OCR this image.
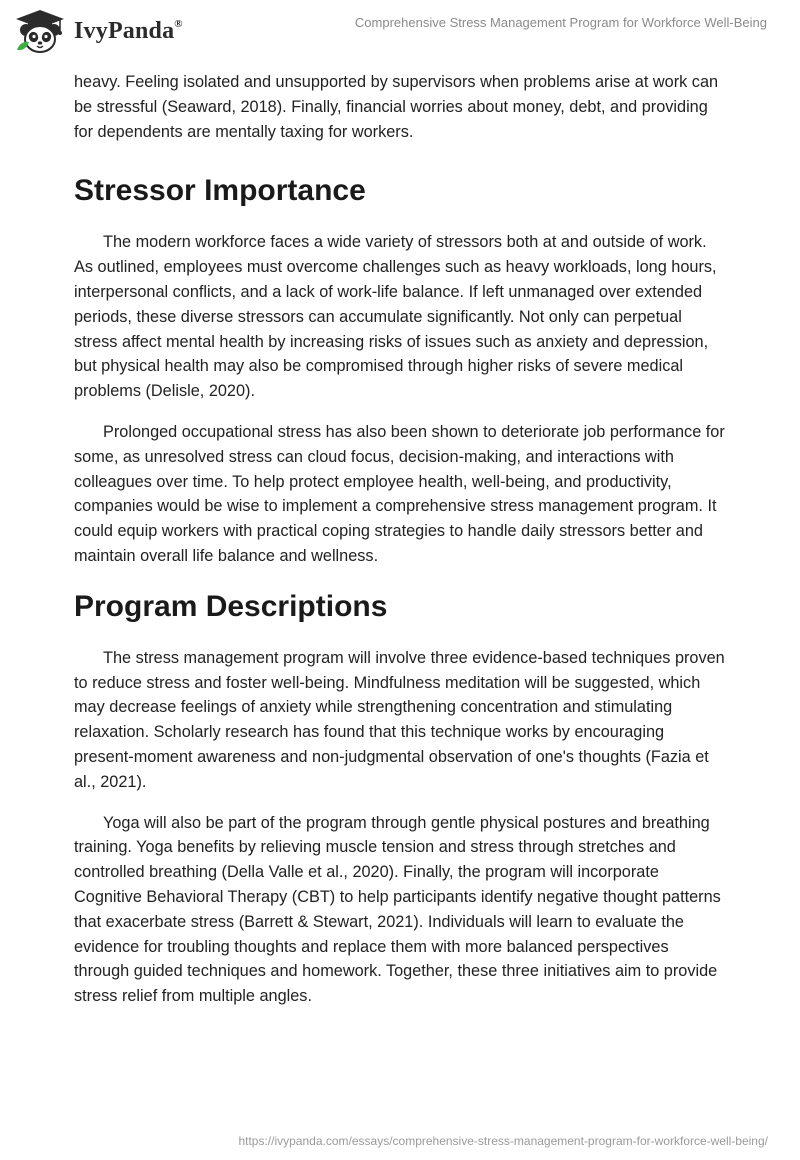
IvyPanda®	Comprehensive Stress Management Program for Workforce Well-Being

heavy. Feeling isolated and unsupported by supervisors when problems arise at work can be stressful (Seaward, 2018). Finally, financial worries about money, debt, and providing for dependents are mentally taxing for workers.

Stressor Importance

The modern workforce faces a wide variety of stressors both at and outside of work. As outlined, employees must overcome challenges such as heavy workloads, long hours, interpersonal conflicts, and a lack of work-life balance. If left unmanaged over extended periods, these diverse stressors can accumulate significantly. Not only can perpetual stress affect mental health by increasing risks of issues such as anxiety and depression, but physical health may also be compromised through higher risks of severe medical problems (Delisle, 2020).

Prolonged occupational stress has also been shown to deteriorate job performance for some, as unresolved stress can cloud focus, decision-making, and interactions with colleagues over time. To help protect employee health, well-being, and productivity, companies would be wise to implement a comprehensive stress management program. It could equip workers with practical coping strategies to handle daily stressors better and maintain overall life balance and wellness.

Program Descriptions

The stress management program will involve three evidence-based techniques proven to reduce stress and foster well-being. Mindfulness meditation will be suggested, which may decrease feelings of anxiety while strengthening concentration and stimulating relaxation. Scholarly research has found that this technique works by encouraging present-moment awareness and non-judgmental observation of one's thoughts (Fazia et al., 2021).

Yoga will also be part of the program through gentle physical postures and breathing training. Yoga benefits by relieving muscle tension and stress through stretches and controlled breathing (Della Valle et al., 2020). Finally, the program will incorporate Cognitive Behavioral Therapy (CBT) to help participants identify negative thought patterns that exacerbate stress (Barrett & Stewart, 2021). Individuals will learn to evaluate the evidence for troubling thoughts and replace them with more balanced perspectives through guided techniques and homework. Together, these three initiatives aim to provide stress relief from multiple angles.

https://ivypanda.com/essays/comprehensive-stress-management-program-for-workforce-well-being/
